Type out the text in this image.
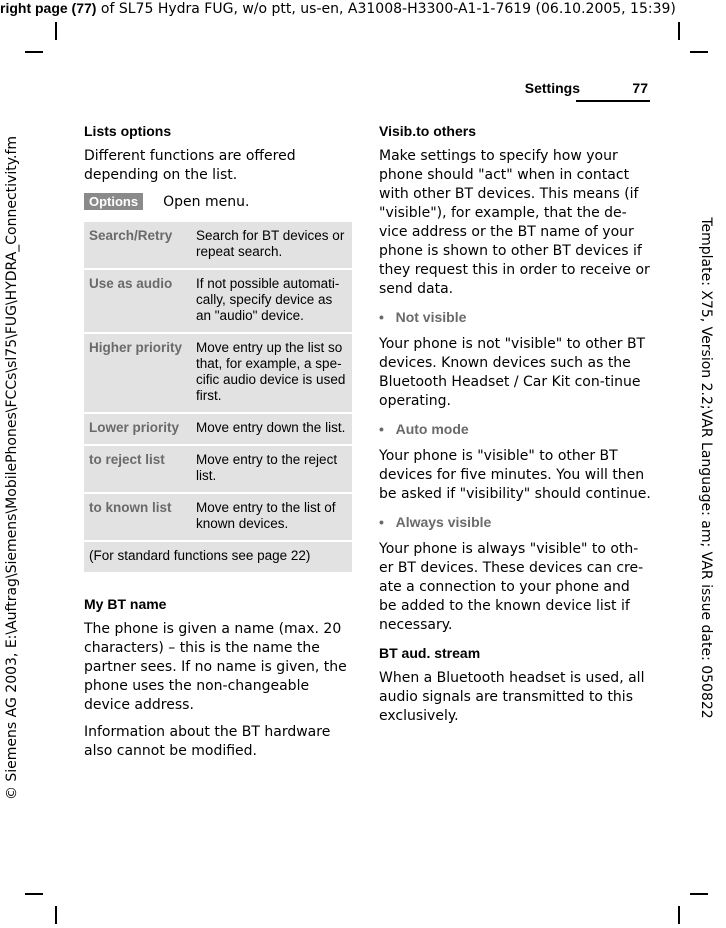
right page (77) of SL75 Hydra FUG, w/o ptt, us-en, A31008-H3300-A1-1-7619 (06.10.2005, 15:39)
Template: X75, Version 2.2;VAR Language: am; VAR issue date: 050822
© Siemens AG 2003, E:\Auftrag\Siemens\MobilePhones\FCCs\sl75\FUG\HYDRA_Connectivity.fm
Settings	77
Lists options

Different functions are offered depending on the list.

Options	Open menu.
Search/Retry	Search for BT devices or repeat search.
Use as audio	If not possible automati-cally, specify device as an "audio" device.
Higher priority	Move entry up the list so that, for example, a spe-cific audio device is used first.
Lower priority	Move entry down the list.
to reject list	Move entry to the reject list.
to known list	Move entry to the list of known devices.
(For standard functions see page 22)	
My BT name

The phone is given a name (max. 20 characters) – this is the name the partner sees. If no name is given, the phone uses the non-changeable device address.

Information about the BT hardware also cannot be modified.

Visib.to others

Make settings to specify how your phone should "act" when in contact with other BT devices. This means (if "visible"), for example, that the de-vice address or the BT name of your phone is shown to other BT devices if they request this in order to receive or send data.

•   Not visible

Your phone is not "visible" to other BT devices. Known devices such as the Bluetooth Headset / Car Kit con-tinue operating.

•   Auto mode

Your phone is "visible" to other BT devices for five minutes. You will then be asked if "visibility" should continue.

•   Always visible

Your phone is always "visible" to oth-er BT devices. These devices can cre-ate a connection to your phone and be added to the known device list if necessary.

BT aud. stream

When a Bluetooth headset is used, all audio signals are transmitted to this exclusively.
